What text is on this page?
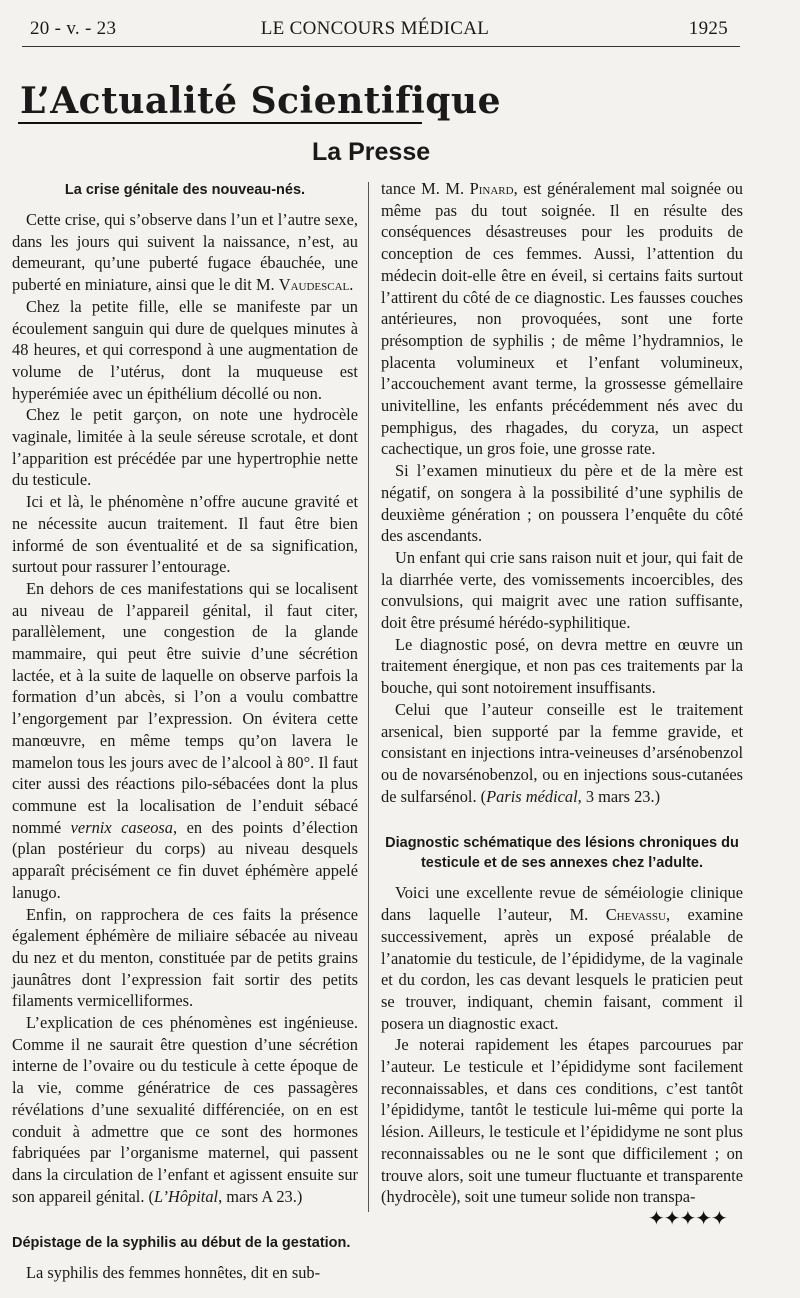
20 - v. - 23	LE CONCOURS MÉDICAL	1925
L’Actualité Scientifique
La Presse
La crise génitale des nouveau-nés.

Cette crise, qui s’observe dans l’un et l’autre sexe, dans les jours qui suivent la naissance, n’est, au demeurant, qu’une puberté fugace ébauchée, une puberté en miniature, ainsi que le dit M. Vaudescal.

Chez la petite fille, elle se manifeste par un écoulement sanguin qui dure de quelques minutes à 48 heures, et qui correspond à une augmentation de volume de l’utérus, dont la muqueuse est hyperémiée avec un épithélium décollé ou non.

Chez le petit garçon, on note une hydrocèle vaginale, limitée à la seule séreuse scrotale, et dont l’apparition est précédée par une hypertrophie nette du testicule.

Ici et là, le phénomène n’offre aucune gravité et ne nécessite aucun traitement. Il faut être bien informé de son éventualité et de sa signification, surtout pour rassurer l’entourage.

En dehors de ces manifestations qui se localisent au niveau de l’appareil génital, il faut citer, parallèlement, une congestion de la glande mammaire, qui peut être suivie d’une sécrétion lactée, et à la suite de laquelle on observe parfois la formation d’un abcès, si l’on a voulu combattre l’engorgement par l’expression. On évitera cette manœuvre, en même temps qu’on lavera le mamelon tous les jours avec de l’alcool à 80°. Il faut citer aussi des réactions pilo-sébacées dont la plus commune est la localisation de l’enduit sébacé nommé vernix caseosa, en des points d’élection (plan postérieur du corps) au niveau desquels apparaît précisément ce fin duvet éphémère appelé lanugo.

Enfin, on rapprochera de ces faits la présence également éphémère de miliaire sébacée au niveau du nez et du menton, constituée par de petits grains jaunâtres dont l’expression fait sortir des petits filaments vermicelliformes.

L’explication de ces phénomènes est ingénieuse. Comme il ne saurait être question d’une sécrétion interne de l’ovaire ou du testicule à cette époque de la vie, comme génératrice de ces passagères révélations d’une sexualité différenciée, on en est conduit à admettre que ce sont des hormones fabriquées par l’organisme maternel, qui passent dans la circulation de l’enfant et agissent ensuite sur son appareil génital. (L’Hôpital, mars A 23.)

Dépistage de la syphilis au début de la gestation.

La syphilis des femmes honnêtes, dit en sub-

tance M. M. Pinard, est généralement mal soignée ou même pas du tout soignée. Il en résulte des conséquences désastreuses pour les produits de conception de ces femmes. Aussi, l’attention du médecin doit-elle être en éveil, si certains faits surtout l’attirent du côté de ce diagnostic. Les fausses couches antérieures, non provoquées, sont une forte présomption de syphilis ; de même l’hydramnios, le placenta volumineux et l’enfant volumineux, l’accouchement avant terme, la grossesse gémellaire univitelline, les enfants précédemment nés avec du pemphigus, des rhagades, du coryza, un aspect cachectique, un gros foie, une grosse rate.

Si l’examen minutieux du père et de la mère est négatif, on songera à la possibilité d’une syphilis de deuxième génération ; on poussera l’enquête du côté des ascendants.

Un enfant qui crie sans raison nuit et jour, qui fait de la diarrhée verte, des vomissements incoercibles, des convulsions, qui maigrit avec une ration suffisante, doit être présumé hérédo-syphilitique.

Le diagnostic posé, on devra mettre en œuvre un traitement énergique, et non pas ces traitements par la bouche, qui sont notoirement insuffisants.

Celui que l’auteur conseille est le traitement arsenical, bien supporté par la femme gravide, et consistant en injections intra-veineuses d’arsénobenzol ou de novarsénobenzol, ou en injections sous-cutanées de sulfarsénol. (Paris médical, 3 mars 23.)

Diagnostic schématique des lésions chroniques du testicule et de ses annexes chez l’adulte.

Voici une excellente revue de séméiologie clinique dans laquelle l’auteur, M. Chevassu, examine successivement, après un exposé préalable de l’anatomie du testicule, de l’épididyme, de la vaginale et du cordon, les cas devant lesquels le praticien peut se trouver, indiquant, chemin faisant, comment il posera un diagnostic exact.

Je noterai rapidement les étapes parcourues par l’auteur. Le testicule et l’épididyme sont facilement reconnaissables, et dans ces conditions, c’est tantôt l’épididyme, tantôt le testicule lui-même qui porte la lésion. Ailleurs, le testicule et l’épididyme ne sont plus reconnaissables ou ne le sont que difficilement ; on trouve alors, soit une tumeur fluctuante et transparente (hydrocèle), soit une tumeur solide non transpa-

✦✦✦✦✦
